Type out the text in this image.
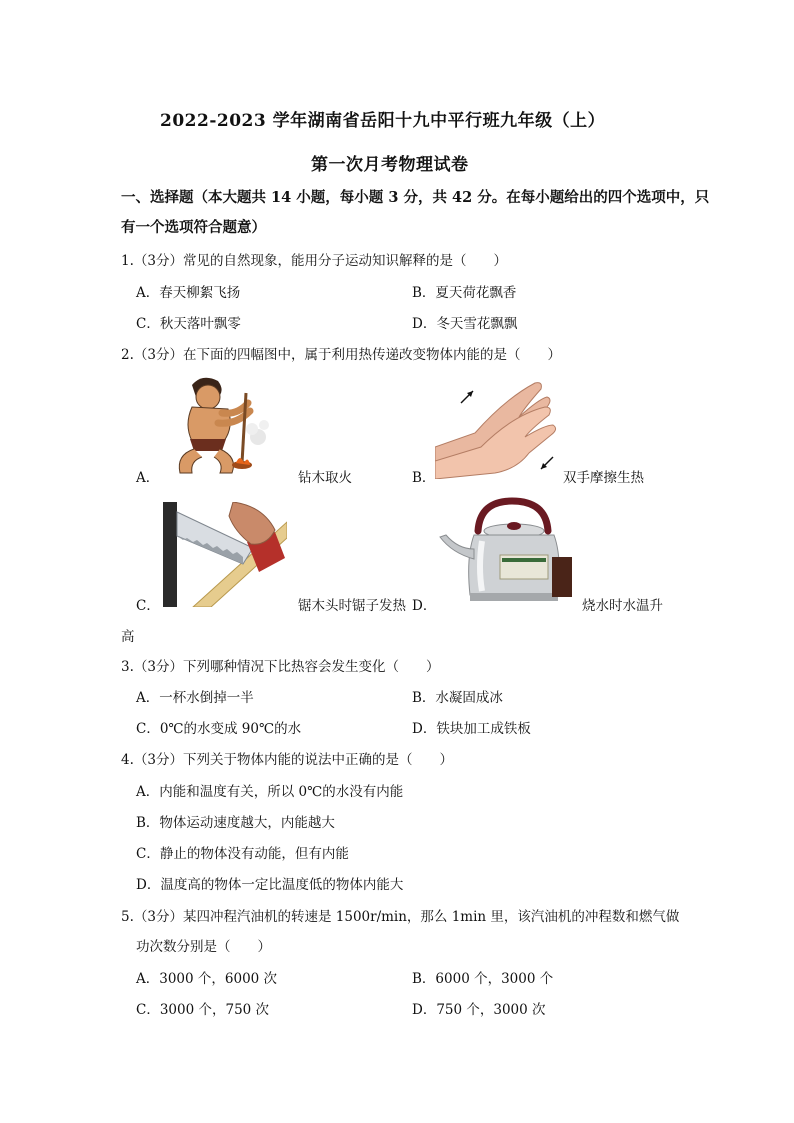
2022-2023 学年湖南省岳阳十九中平行班九年级（上）
第一次月考物理试卷
一、选择题（本大题共 14 小题，每小题 3 分，共 42 分。在每小题给出的四个选项中，只
有一个选项符合题意）
1.（3分）常见的自然现象，能用分子运动知识解释的是（　　）
A．春天柳絮飞扬	B．夏天荷花飘香
C．秋天落叶飘零	D．冬天雪花飘飘
2.（3分）在下面的四幅图中，属于利用热传递改变物体内能的是（　　）
A．	钻木取火	B．	双手摩擦生热
C．	锯木头时锯子发热 D．	烧水时水温升
高
3.（3分）下列哪种情况下比热容会发生变化（　　）
A．一杯水倒掉一半	B．水凝固成冰
C．0℃的水变成 90℃的水	D．铁块加工成铁板
4.（3分）下列关于物体内能的说法中正确的是（　　）
A．内能和温度有关，所以 0℃的水没有内能
B．物体运动速度越大，内能越大
C．静止的物体没有动能，但有内能
D．温度高的物体一定比温度低的物体内能大
5.（3分）某四冲程汽油机的转速是 1500r/min，那么 1min 里，该汽油机的冲程数和燃气做
功次数分别是（　　）
A．3000 个，6000 次	B．6000 个，3000 个
C．3000 个，750 次	D．750 个，3000 次
